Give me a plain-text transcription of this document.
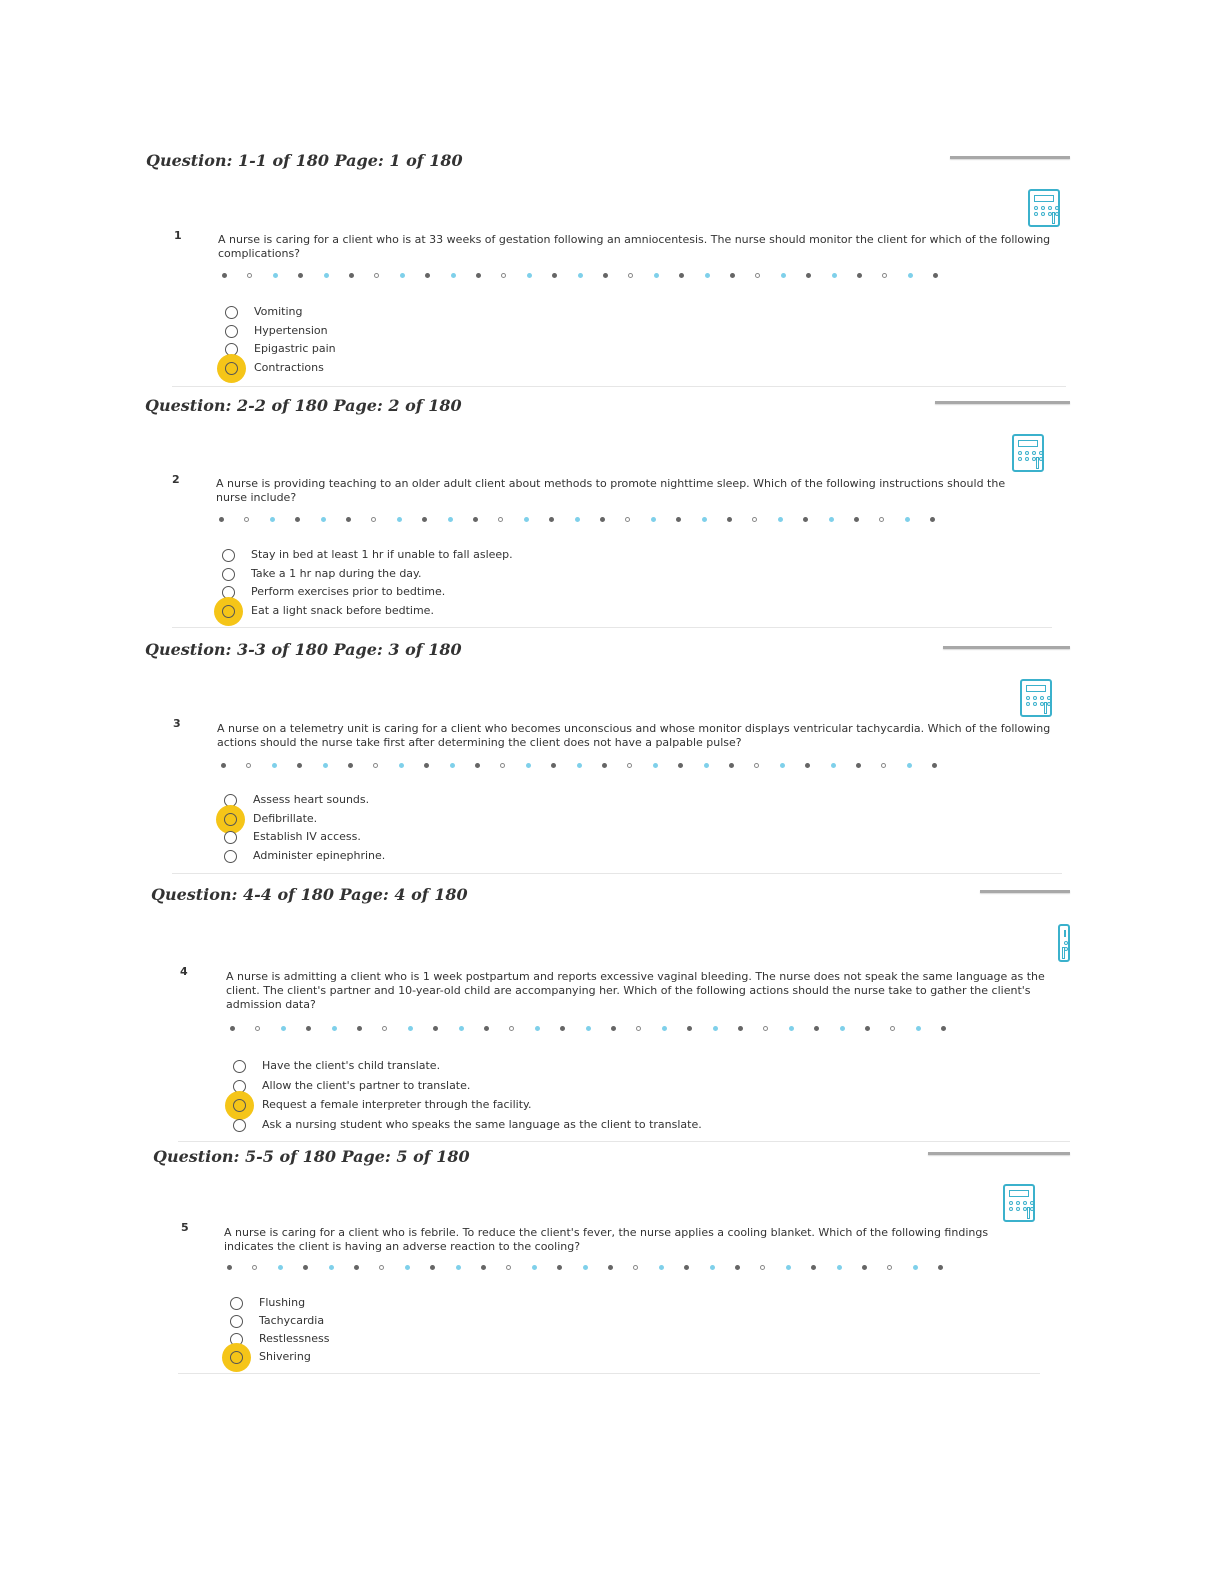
Question: 1-1 of 180 Page: 1 of 180
1	A nurse is caring for a client who is at 33 weeks of gestation following an amniocentesis. The nurse should monitor the client for which of the following complications?
Vomiting
Hypertension
Epigastric pain
Contractions
Question: 2-2 of 180 Page: 2 of 180
2	A nurse is providing teaching to an older adult client about methods to promote nighttime sleep. Which of the following instructions should the nurse include?
Stay in bed at least 1 hr if unable to fall asleep.
Take a 1 hr nap during the day.
Perform exercises prior to bedtime.
Eat a light snack before bedtime.
Question: 3-3 of 180 Page: 3 of 180
3	A nurse on a telemetry unit is caring for a client who becomes unconscious and whose monitor displays ventricular tachycardia. Which of the following actions should the nurse take first after determining the client does not have a palpable pulse?
Assess heart sounds.
Defibrillate.
Establish IV access.
Administer epinephrine.
Question: 4-4 of 180 Page: 4 of 180
4	A nurse is admitting a client who is 1 week postpartum and reports excessive vaginal bleeding. The nurse does not speak the same language as the client. The client's partner and 10-year-old child are accompanying her. Which of the following actions should the nurse take to gather the client's admission data?
Have the client's child translate.
Allow the client's partner to translate.
Request a female interpreter through the facility.
Ask a nursing student who speaks the same language as the client to translate.
Question: 5-5 of 180 Page: 5 of 180
5	A nurse is caring for a client who is febrile. To reduce the client's fever, the nurse applies a cooling blanket. Which of the following findings indicates the client is having an adverse reaction to the cooling?
Flushing
Tachycardia
Restlessness
Shivering
